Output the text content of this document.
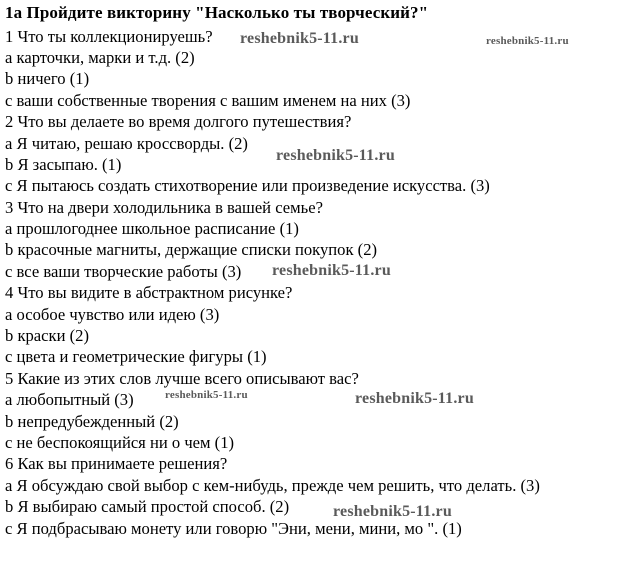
1a Пройдите викторину "Насколько ты творческий?"
1 Что ты коллекционируешь?
a карточки, марки и т.д. (2)
b ничего (1)
c ваши собственные творения с вашим именем на них (3)
2 Что вы делаете во время долгого путешествия?
a Я читаю, решаю кроссворды. (2)
b Я засыпаю. (1)
c Я пытаюсь создать стихотворение или произведение искусства. (3)
3 Что на двери холодильника в вашей семье?
a прошлогоднее школьное расписание (1)
b красочные магниты, держащие списки покупок (2)
c все ваши творческие работы (3)
4 Что вы видите в абстрактном рисунке?
a особое чувство или идею (3)
b краски (2)
c цвета и геометрические фигуры (1)
5 Какие из этих слов лучше всего описывают вас?
a любопытный (3)
b непредубежденный (2)
c не беспокоящийся ни о чем (1)
6 Как вы принимаете решения?
a Я обсуждаю свой выбор с кем-нибудь, прежде чем решить, что делать. (3)
b Я выбираю самый простой способ. (2)
c Я подбрасываю монету или говорю "Эни, мени, мини, мо ". (1)
reshebnik5-11.ru	reshebnik5-11.ru
reshebnik5-11.ru
reshebnik5-11.ru
reshebnik5-11.ru	reshebnik5-11.ru
reshebnik5-11.ru
